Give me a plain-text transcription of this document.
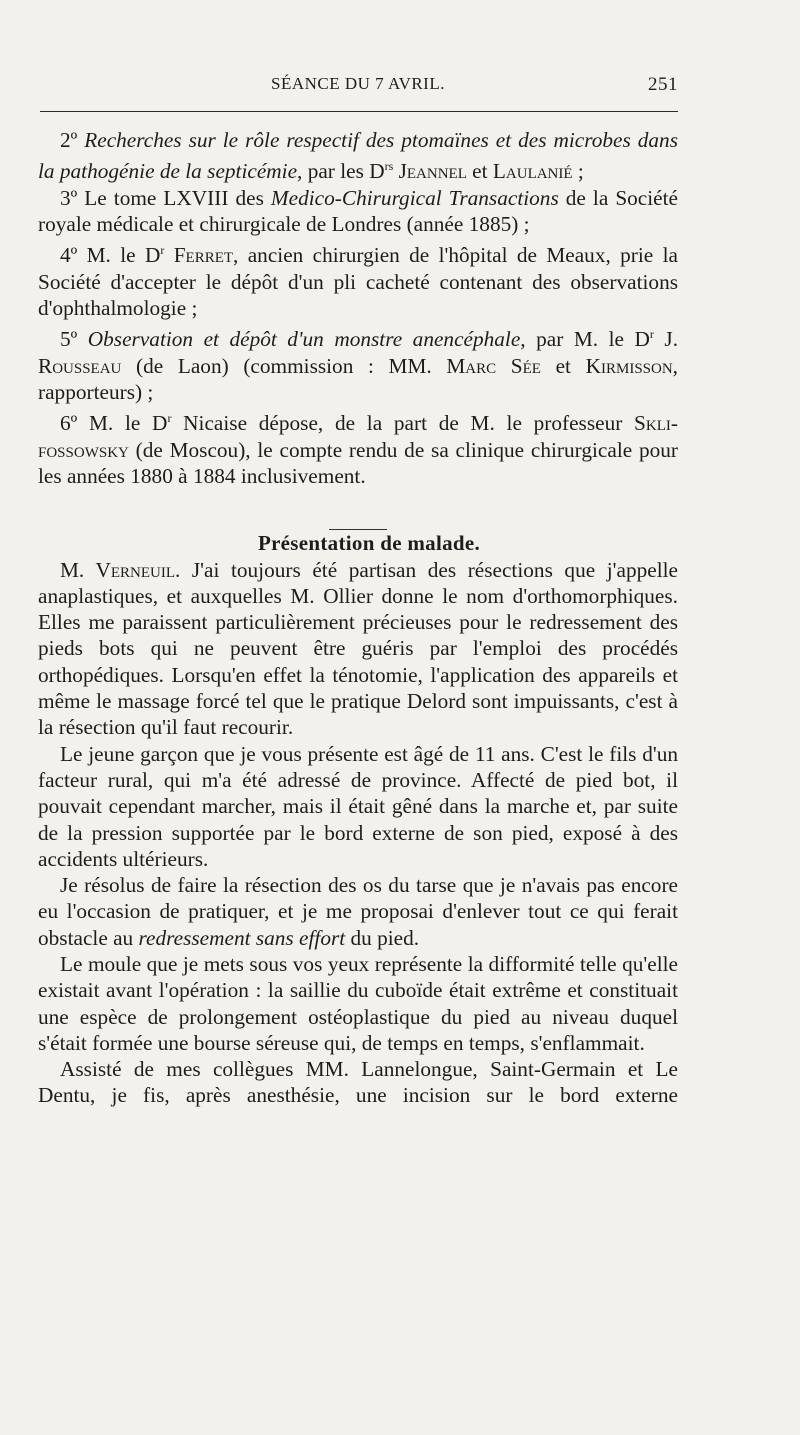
SÉANCE DU 7 AVRIL.	251

2º Recherches sur le rôle respectif des ptomaïnes et des microbes dans la pathogénie de la septicémie, par les $D^{rs}$ Jeannel et Laulanié ;

3º Le tome LXVIII des Medico-Chirurgical Transactions de la Société royale médicale et chirurgicale de Londres (année 1885) ;

4º M. le $D^r$ Ferret, ancien chirurgien de l'hôpital de Meaux, prie la Société d'accepter le dépôt d'un pli cacheté contenant des observations d'ophthalmologie ;

5º Observation et dépôt d'un monstre anencéphale, par M. le $D^r$ J. Rousseau (de Laon) (commission : MM. Marc Sée et Kirmisson, rapporteurs) ;

6º M. le $D^r$ Nicaise dépose, de la part de M. le professeur Sklifossowsky (de Moscou), le compte rendu de sa clinique chirurgicale pour les années 1880 à 1884 inclusivement.

Présentation de malade.

M. Verneuil. J'ai toujours été partisan des résections que j'appelle anaplastiques, et auxquelles M. Ollier donne le nom d'orthomorphiques. Elles me paraissent particulièrement précieuses pour le redressement des pieds bots qui ne peuvent être guéris par l'emploi des procédés orthopédiques. Lorsqu'en effet la ténotomie, l'application des appareils et même le massage forcé tel que le pratique Delord sont impuissants, c'est à la résection qu'il faut recourir.

Le jeune garçon que je vous présente est âgé de 11 ans. C'est le fils d'un facteur rural, qui m'a été adressé de province. Affecté de pied bot, il pouvait cependant marcher, mais il était gêné dans la marche et, par suite de la pression supportée par le bord externe de son pied, exposé à des accidents ultérieurs.

Je résolus de faire la résection des os du tarse que je n'avais pas encore eu l'occasion de pratiquer, et je me proposai d'enlever tout ce qui ferait obstacle au redressement sans effort du pied.

Le moule que je mets sous vos yeux représente la difformité telle qu'elle existait avant l'opération : la saillie du cuboïde était extrême et constituait une espèce de prolongement ostéoplastique du pied au niveau duquel s'était formée une bourse séreuse qui, de temps en temps, s'enflammait.

Assisté de mes collègues MM. Lannelongue, Saint-Germain et Le Dentu, je fis, après anesthésie, une incision sur le bord externe
